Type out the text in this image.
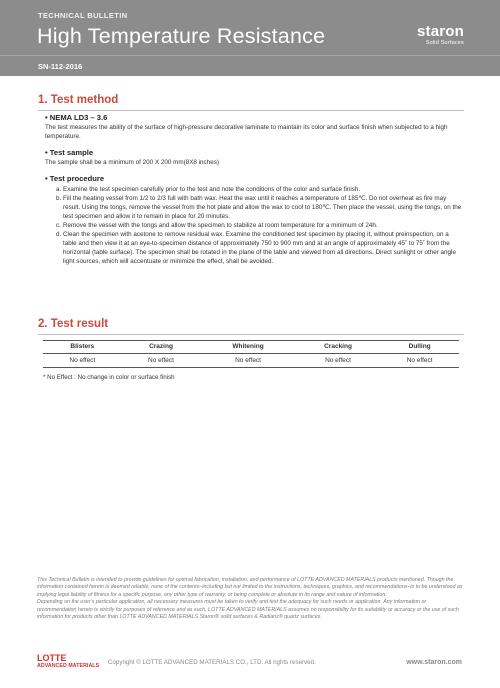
TECHNICAL BULLETIN
High Temperature Resistance
SN-112-2016
staron
Solid Surfaces
1. Test method
• NEMA LD3 – 3.6
The test measures the ability of the surface of high-pressure decorative laminate to maintain its color and surface finish when subjected to a high temperature.
• Test sample
The sample shall be a minimum of 200 X 200 mm(8X8 inches)
• Test procedure
a. Examine the test specimen carefully prior to the test and note the conditions of the color and surface finish.
b. Fill the heating vessel from 1/2 to 2/3 full with bath wax. Heat the wax until it reaches a temperature of 185℃. Do not overheat as fire may result. Using the tongs, remove the vessel from the hot plate and allow the wax to cool to 180℃. Then place the vessel, using the tongs, on the test specimen and allow it to remain in place for 20 minutes.
c. Remove the vessel with the tongs and allow the specimen to stabilize at room temperature for a minimum of 24h.
d. Clean the specimen with acetone to remove residual wax. Examine the conditioned test specimen by placing it, without preinspection, on a table and then view it at an eye-to-specimen distance of approximately 750 to 900 mm and at an angle of approximately 45˚ to 75˚ from the horizontal (table surface). The specimen shall be rotated in the plane of the table and viewed from all directions. Direct sunlight or other angle light sources, which will accentuate or minimize the effect, shall be avoided.
2. Test result
Blisters	Crazing	Whitening	Cracking	Dulling
No effect	No effect	No effect	No effect	No effect
* No Effect : No change in color or surface finish

This Technical Bulletin is intended to provide guidelines for optimal fabrication, installation, and performance of LOTTE ADVANCED MATERIALS products mentioned. Though the information contained herein is deemed reliable, none of the contents–including but not limited to the instructions, techniques, graphics, and recommendations–is to be understood as implying legal liability of fitness for a specific purpose, any other type of warranty, or being complete or absolute in its range and nature of information.

Depending on the user's particular application, all necessary measures must be taken to verify and test the adequacy for such needs or application. Any information or recommendation herein is strictly for purposes of reference and as such, LOTTE ADVANCED MATERIALS assumes no responsibility for its suitability or accuracy or the use of such information for products other than LOTTE ADVANCED MATERIALS Staron® solid surfaces & Radianz® quartz surfaces.

LOTTE
ADVANCED MATERIALS Copyright © LOTTE ADVANCED MATERIALS CO., LTD. All rights reserved.	www.staron.com
